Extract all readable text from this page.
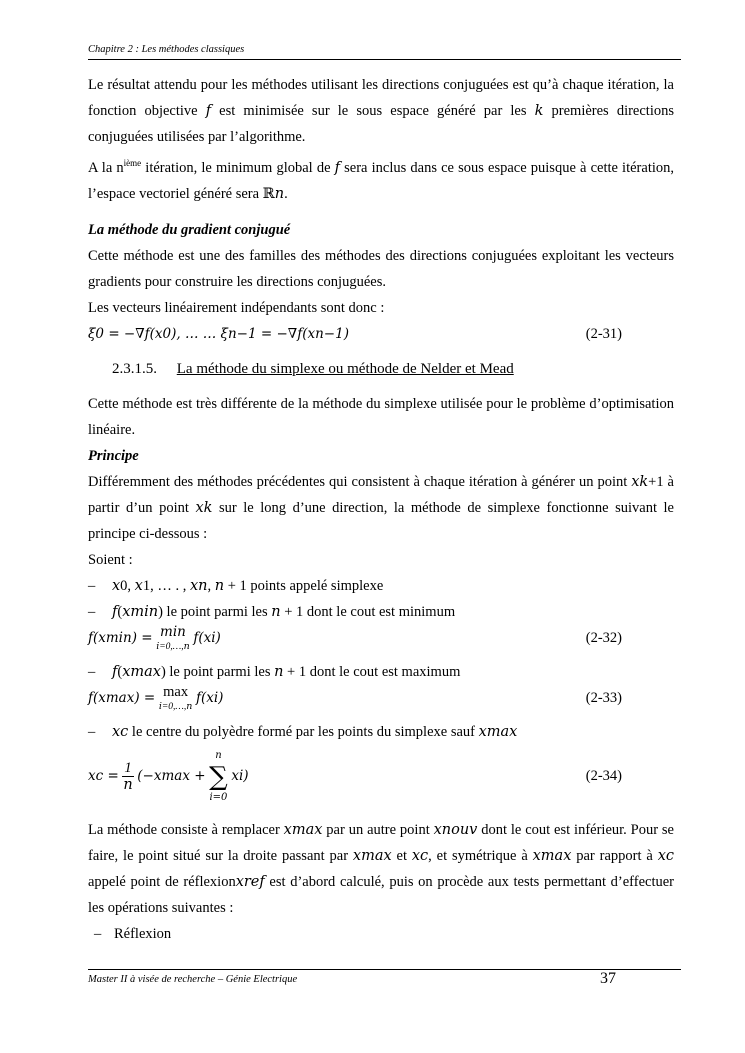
Chapitre 2 : Les méthodes classiques

Le résultat attendu pour les méthodes utilisant les directions conjuguées est qu’à chaque itération, la fonction objective 𝑓 est minimisée sur le sous espace généré par les 𝑘 premières directions conjuguées utilisées par l’algorithme.

A la $n^{ième}$ itération, le minimum global de 𝑓 sera inclus dans ce sous espace puisque à cette itération, l’espace vectoriel généré sera ℝ𝑛.

La méthode du gradient conjugué

Cette méthode est une des familles des méthodes des directions conjuguées exploitant les vecteurs gradients pour construire les directions conjuguées.

Les vecteurs linéairement indépendants sont donc :

𝜉0 = −∇𝑓(𝑥0), … … 𝜉𝑛−1 = −∇𝑓(𝑥𝑛−1)	(2-31)
2.3.1.5. La méthode du simplexe ou méthode de Nelder et Mead

Cette méthode est très différente de la méthode du simplexe utilisée pour le problème d’optimisation linéaire.

Principe

Différemment des méthodes précédentes qui consistent à chaque itération à générer un point 𝑥𝑘+1 à partir d’un point 𝑥𝑘 sur le long d’une direction, la méthode de simplexe fonctionne suivant le principe ci-dessous :

Soient :

– 𝑥0, 𝑥1, … . , 𝑥𝑛, 𝑛 + 1 points appelé simplexe

– 𝑓(𝑥𝑚𝑖𝑛) le point parmi les 𝑛 + 1 dont le cout est minimum

𝑓(𝑥𝑚𝑖𝑛) = min
𝑖=0,…,𝑛
𝑓(𝑥𝑖)	(2-32)

– 𝑓(𝑥𝑚𝑎𝑥) le point parmi les 𝑛 + 1 dont le cout est maximum

𝑓(𝑥𝑚𝑎𝑥) = max
𝑖=0,…,𝑛
𝑓(𝑥𝑖)	(2-33)

– 𝑥𝑐 le centre du polyèdre formé par les points du simplexe sauf 𝑥𝑚𝑎𝑥

𝑥𝑐 = $\frac{1}{\text{𝑛}}$ (−𝑥𝑚𝑎𝑥 +
𝑛
∑
𝑖=0
𝑥𝑖)	(2-34)

La méthode consiste à remplacer 𝑥𝑚𝑎𝑥 par un autre point 𝑥𝑛𝑜𝑢𝑣 dont le cout est inférieur. Pour se faire, le point situé sur la droite passant par 𝑥𝑚𝑎𝑥 et 𝑥𝑐, et symétrique à 𝑥𝑚𝑎𝑥 par rapport à 𝑥𝑐 appelé point de réflexion𝑥𝑟𝑒𝑓 est d’abord calculé, puis on procède aux tests permettant d’effectuer les opérations suivantes :

– Réflexion

Master II à visée de recherche – Génie Electrique	37
